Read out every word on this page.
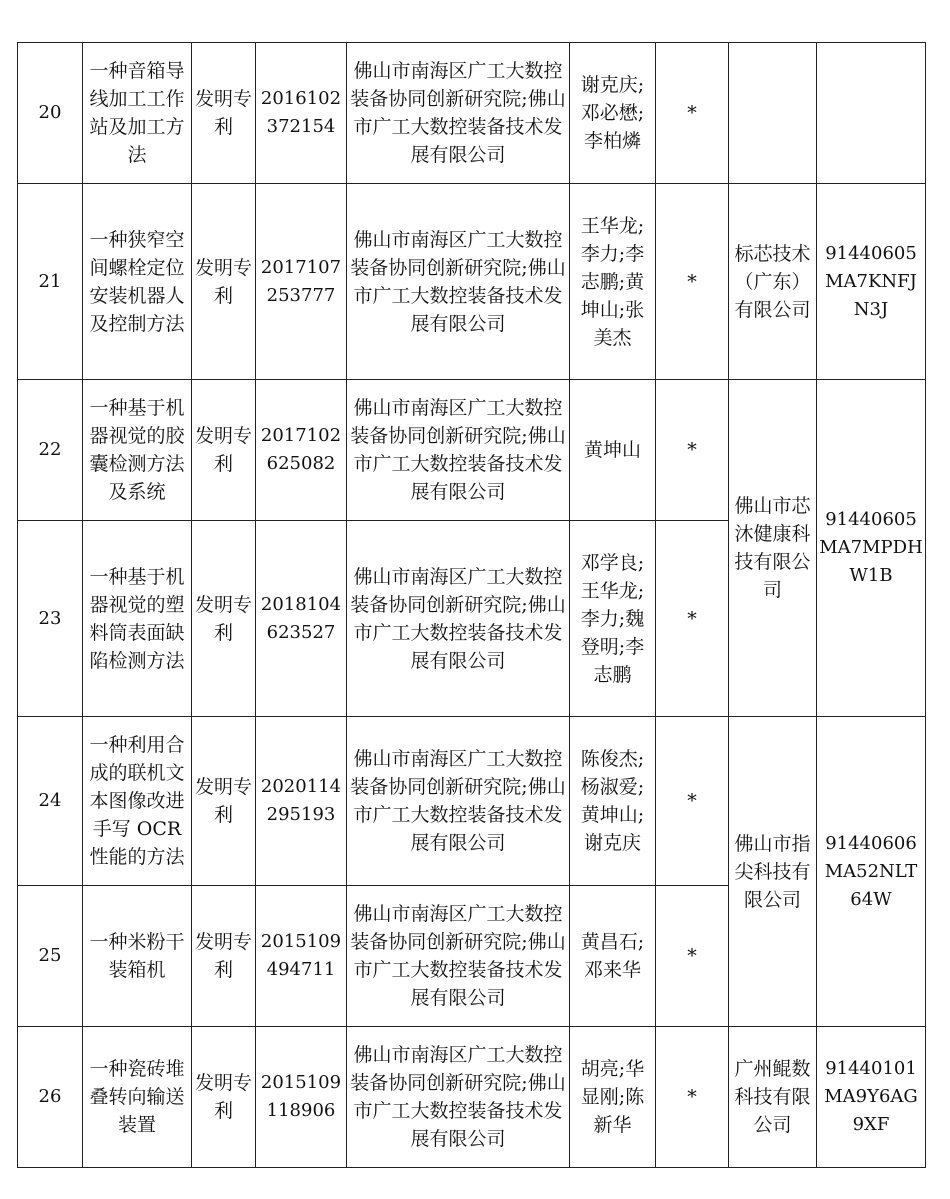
20	一种音箱导线加工工作站及加工方法	发明专利	2016102372154	佛山市南海区广工大数控装备协同创新研究院;佛山市广工大数控装备技术发展有限公司	谢克庆;邓必懋;李柏燐	*		
21	一种狭窄空间螺栓定位安装机器人及控制方法	发明专利	2017107253777	佛山市南海区广工大数控装备协同创新研究院;佛山市广工大数控装备技术发展有限公司	王华龙;李力;李志鹏;黄坤山;张美杰	*	标芯技术（广东）有限公司	91440605MA7KNFJN3J
22	一种基于机器视觉的胶囊检测方法及系统	发明专利	2017102625082	佛山市南海区广工大数控装备协同创新研究院;佛山市广工大数控装备技术发展有限公司	黄坤山	*	佛山市芯沐健康科技有限公司	91440605MA7MPDHW1B
23	一种基于机器视觉的塑料筒表面缺陷检测方法	发明专利	2018104623527	佛山市南海区广工大数控装备协同创新研究院;佛山市广工大数控装备技术发展有限公司	邓学良;王华龙;李力;魏登明;李志鹏	*		
24	一种利用合成的联机文本图像改进手写 OCR 性能的方法	发明专利	2020114295193	佛山市南海区广工大数控装备协同创新研究院;佛山市广工大数控装备技术发展有限公司	陈俊杰;杨淑爱;黄坤山;谢克庆	*	佛山市指尖科技有限公司	91440606MA52NLT64W
25	一种米粉干装箱机	发明专利	2015109494711	佛山市南海区广工大数控装备协同创新研究院;佛山市广工大数控装备技术发展有限公司	黄昌石;邓来华	*		
26	一种瓷砖堆叠转向输送装置	发明专利	2015109118906	佛山市南海区广工大数控装备协同创新研究院;佛山市广工大数控装备技术发展有限公司	胡亮;华显刚;陈新华	*	广州鲲数科技有限公司	91440101MA9Y6AG9XF
